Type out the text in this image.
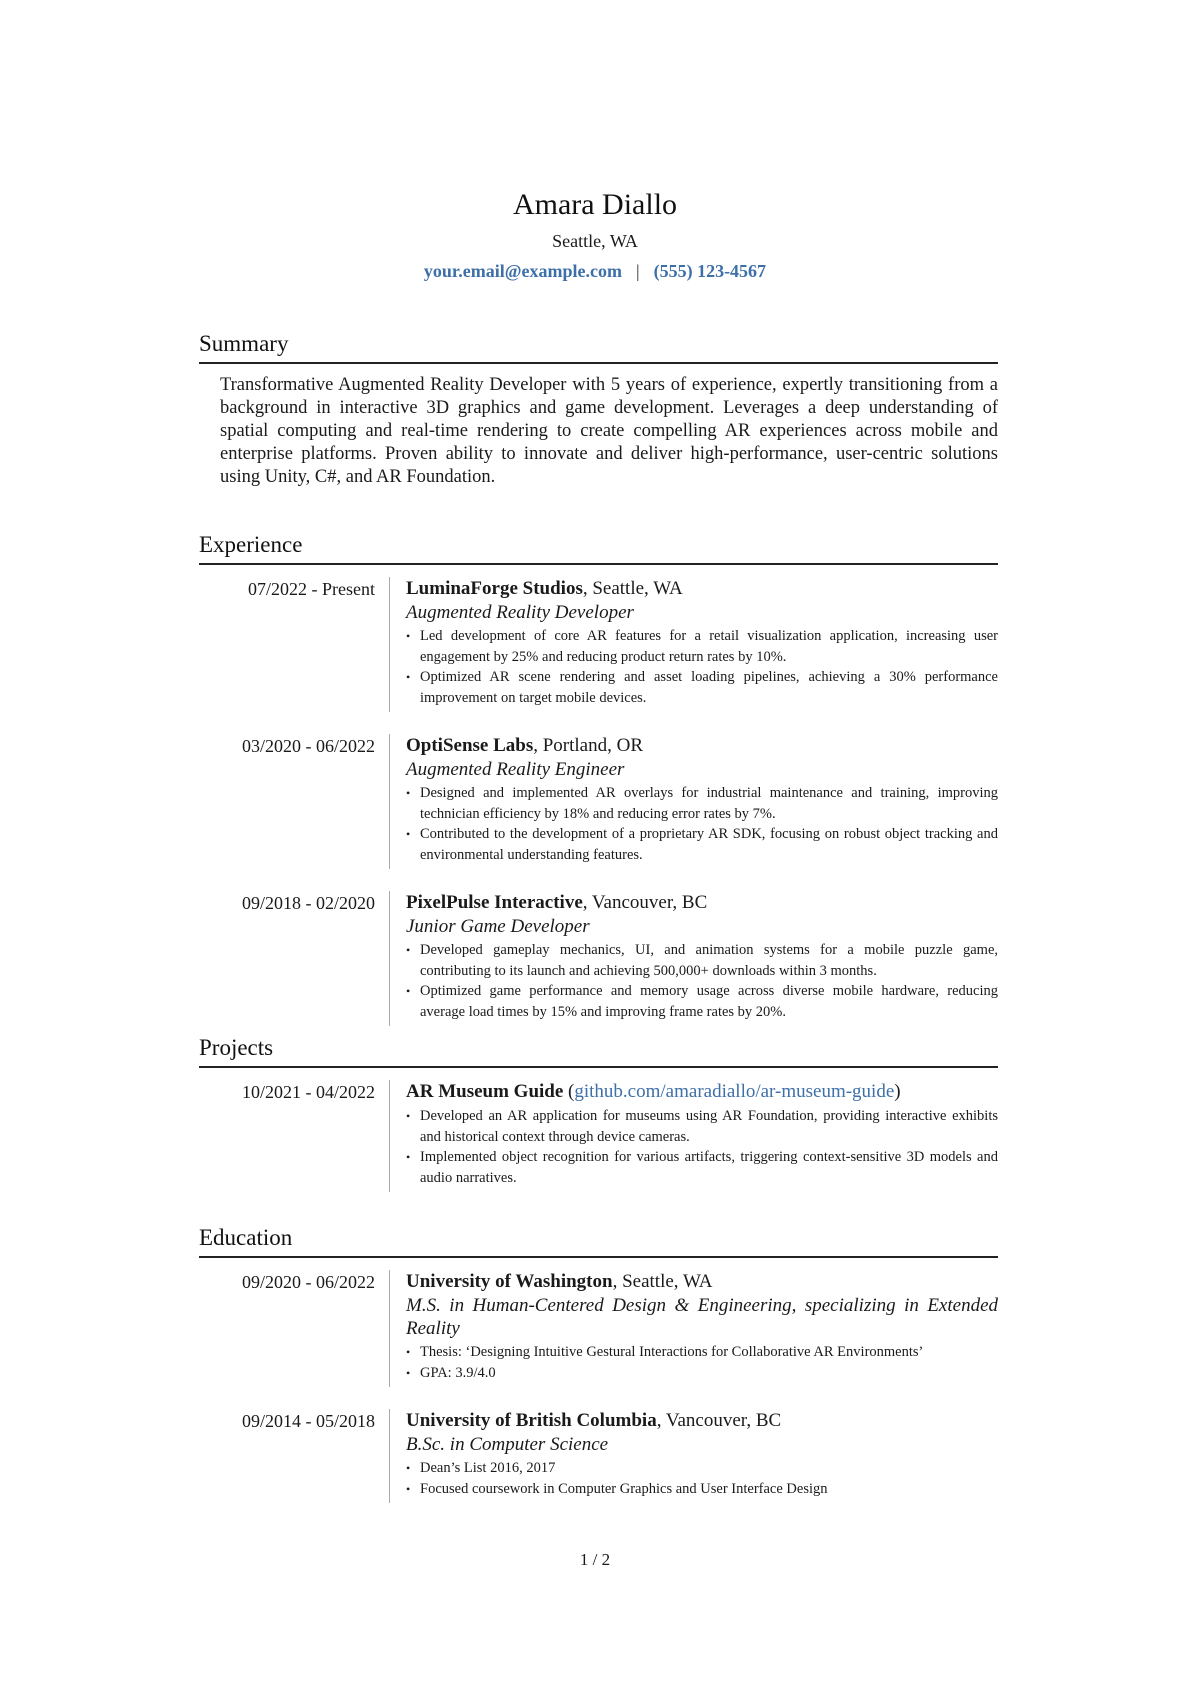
Amara Diallo
Seattle, WA
your.email@example.com | (555) 123-4567
Summary
Transformative Augmented Reality Developer with 5 years of experience, expertly transitioning from a background in interactive 3D graphics and game development. Leverages a deep understanding of spatial computing and real-time rendering to create compelling AR experiences across mobile and enterprise platforms. Proven ability to innovate and deliver high-performance, user-centric solutions using Unity, C#, and AR Foundation.
Experience
07/2022 - Present LuminaForge Studios, Seattle, WA
Augmented Reality Developer
• Led development of core AR features for a retail visualization application, increasing user engagement by 25% and reducing product return rates by 10%.
• Optimized AR scene rendering and asset loading pipelines, achieving a 30% performance improvement on target mobile devices.
03/2020 - 06/2022 OptiSense Labs, Portland, OR
Augmented Reality Engineer
• Designed and implemented AR overlays for industrial maintenance and training, improving technician efficiency by 18% and reducing error rates by 7%.
• Contributed to the development of a proprietary AR SDK, focusing on robust object tracking and environmental understanding features.
09/2018 - 02/2020 PixelPulse Interactive, Vancouver, BC
Junior Game Developer
• Developed gameplay mechanics, UI, and animation systems for a mobile puzzle game, contributing to its launch and achieving 500,000+ downloads within 3 months.
• Optimized game performance and memory usage across diverse mobile hardware, reducing average load times by 15% and improving frame rates by 20%.
Projects
10/2021 - 04/2022 AR Museum Guide (github.com/amaradiallo/ar-museum-guide)
• Developed an AR application for museums using AR Foundation, providing interactive exhibits and historical context through device cameras.
• Implemented object recognition for various artifacts, triggering context-sensitive 3D models and audio narratives.
Education
09/2020 - 06/2022 University of Washington, Seattle, WA
M.S. in Human-Centered Design & Engineering, specializing in Extended Reality
• Thesis: ‘Designing Intuitive Gestural Interactions for Collaborative AR Environments’
• GPA: 3.9/4.0
09/2014 - 05/2018 University of British Columbia, Vancouver, BC
B.Sc. in Computer Science
• Dean’s List 2016, 2017
• Focused coursework in Computer Graphics and User Interface Design
1 / 2
